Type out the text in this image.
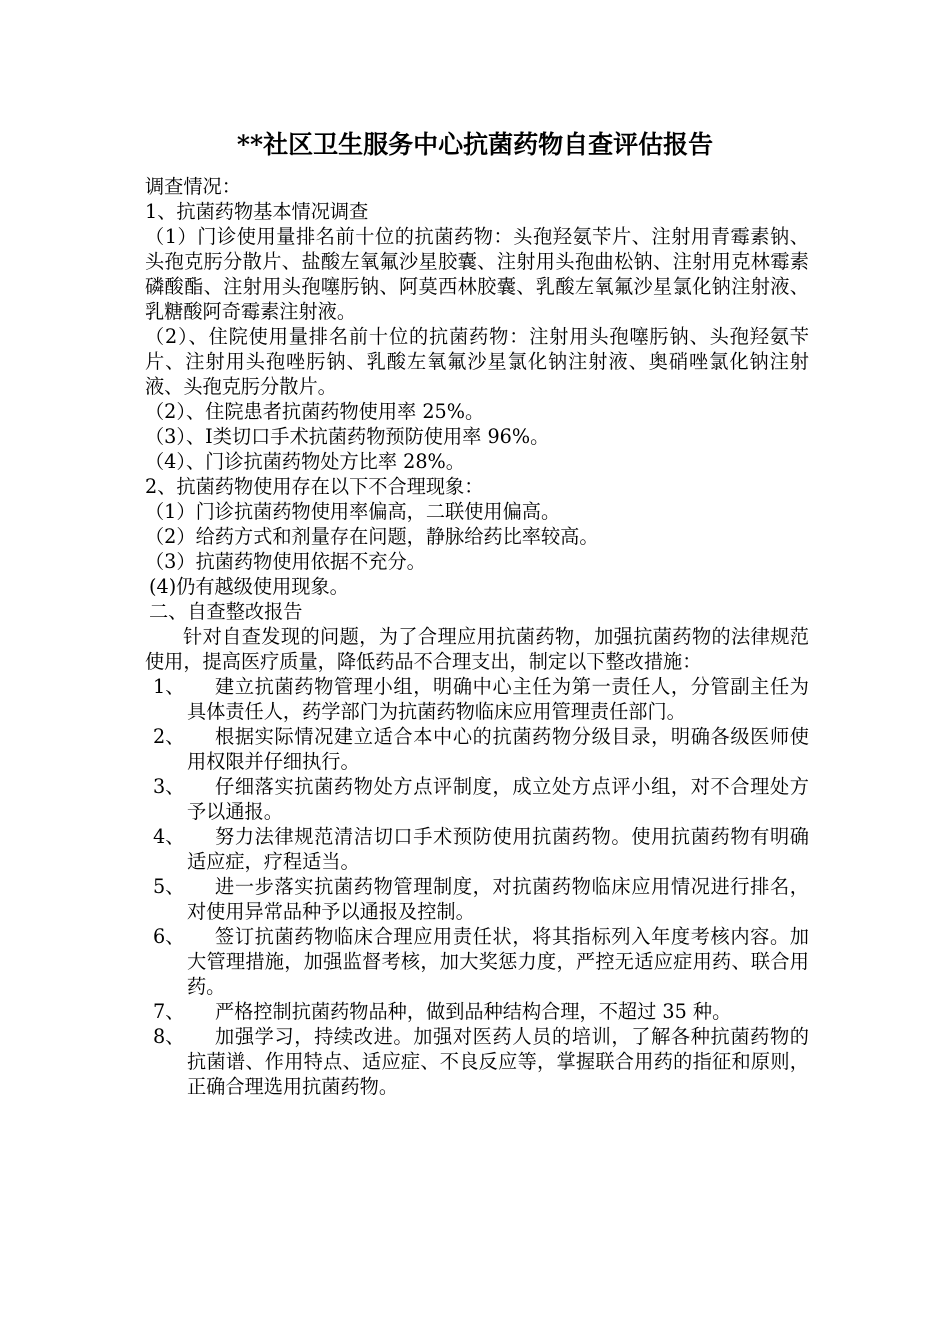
**社区卫生服务中心抗菌药物自查评估报告

调查情况：

1、抗菌药物基本情况调查

（1）门诊使用量排名前十位的抗菌药物：头孢羟氨苄片、注射用青霉素钠、头孢克肟分散片、盐酸左氧氟沙星胶囊、注射用头孢曲松钠、注射用克林霉素磷酸酯、注射用头孢噻肟钠、阿莫西林胶囊、乳酸左氧氟沙星氯化钠注射液、乳糖酸阿奇霉素注射液。

（2）、住院使用量排名前十位的抗菌药物：注射用头孢噻肟钠、头孢羟氨苄片、注射用头孢唑肟钠、乳酸左氧氟沙星氯化钠注射液、奥硝唑氯化钠注射液、头孢克肟分散片。

（2）、住院患者抗菌药物使用率 25%。

（3）、Ⅰ类切口手术抗菌药物预防使用率 96%。

（4）、门诊抗菌药物处方比率 28%。

2、抗菌药物使用存在以下不合理现象：

（1）门诊抗菌药物使用率偏高，二联使用偏高。

（2）给药方式和剂量存在问题，静脉给药比率较高。

（3）抗菌药物使用依据不充分。

(4)仍有越级使用现象。

二、自查整改报告

针对自查发现的问题，为了合理应用抗菌药物，加强抗菌药物的法律规范使用，提高医疗质量，降低药品不合理支出，制定以下整改措施：

1、	建立抗菌药物管理小组，明确中心主任为第一责任人，分管副主任为具体责任人，药学部门为抗菌药物临床应用管理责任部门。
2、	根据实际情况建立适合本中心的抗菌药物分级目录，明确各级医师使用权限并仔细执行。
3、	仔细落实抗菌药物处方点评制度，成立处方点评小组，对不合理处方予以通报。
4、	努力法律规范清洁切口手术预防使用抗菌药物。使用抗菌药物有明确适应症，疗程适当。
5、	进一步落实抗菌药物管理制度，对抗菌药物临床应用情况进行排名，对使用异常品种予以通报及控制。
6、	签订抗菌药物临床合理应用责任状，将其指标列入年度考核内容。加大管理措施，加强监督考核，加大奖惩力度，严控无适应症用药、联合用药。
7、	严格控制抗菌药物品种，做到品种结构合理，不超过 35 种。
8、	加强学习，持续改进。加强对医药人员的培训，了解各种抗菌药物的抗菌谱、作用特点、适应症、不良反应等，掌握联合用药的指征和原则，正确合理选用抗菌药物。
